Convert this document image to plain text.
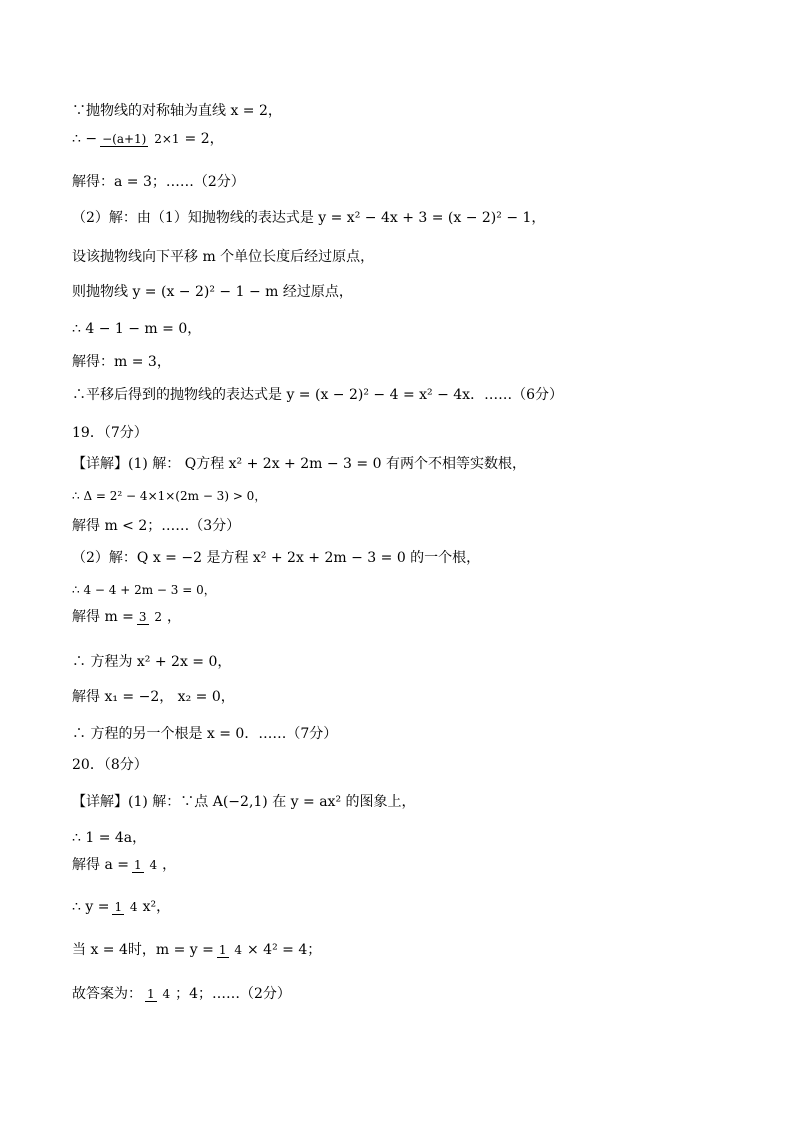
∵抛物线的对称轴为直线 x = 2，
∴ − −(a+1) 2×1 = 2，
解得：a = 3；……（2分）
（2）解：由（1）知抛物线的表达式是 y = x² − 4x + 3 = (x − 2)² − 1，
设该抛物线向下平移 m 个单位长度后经过原点，
则抛物线 y = (x − 2)² − 1 − m 经过原点，
∴ 4 − 1 − m = 0，
解得：m = 3，
∴平移后得到的抛物线的表达式是 y = (x − 2)² − 4 = x² − 4x．……（6分）
19．（7分）
【详解】(1) 解： Q方程 x² + 2x + 2m − 3 = 0 有两个不相等实数根，
∴ Δ = 2² − 4×1×(2m − 3) > 0，
解得 m < 2；……（3分）
（2）解：Q x = −2 是方程 x² + 2x + 2m − 3 = 0 的一个根，
∴ 4 − 4 + 2m − 3 = 0，
解得 m = 3 2 ，
∴ 方程为 x² + 2x = 0，
解得 x₁ = −2， x₂ = 0，
∴ 方程的另一个根是 x = 0．……（7分）
20．（8分）
【详解】(1) 解：∵点 A(−2,1) 在 y = ax² 的图象上，
∴ 1 = 4a，
解得 a = 1 4 ，
∴ y = 1 4 x²，
当 x = 4时，m = y = 1 4 × 4² = 4；
故答案为： 1 4 ；4；……（2分）
